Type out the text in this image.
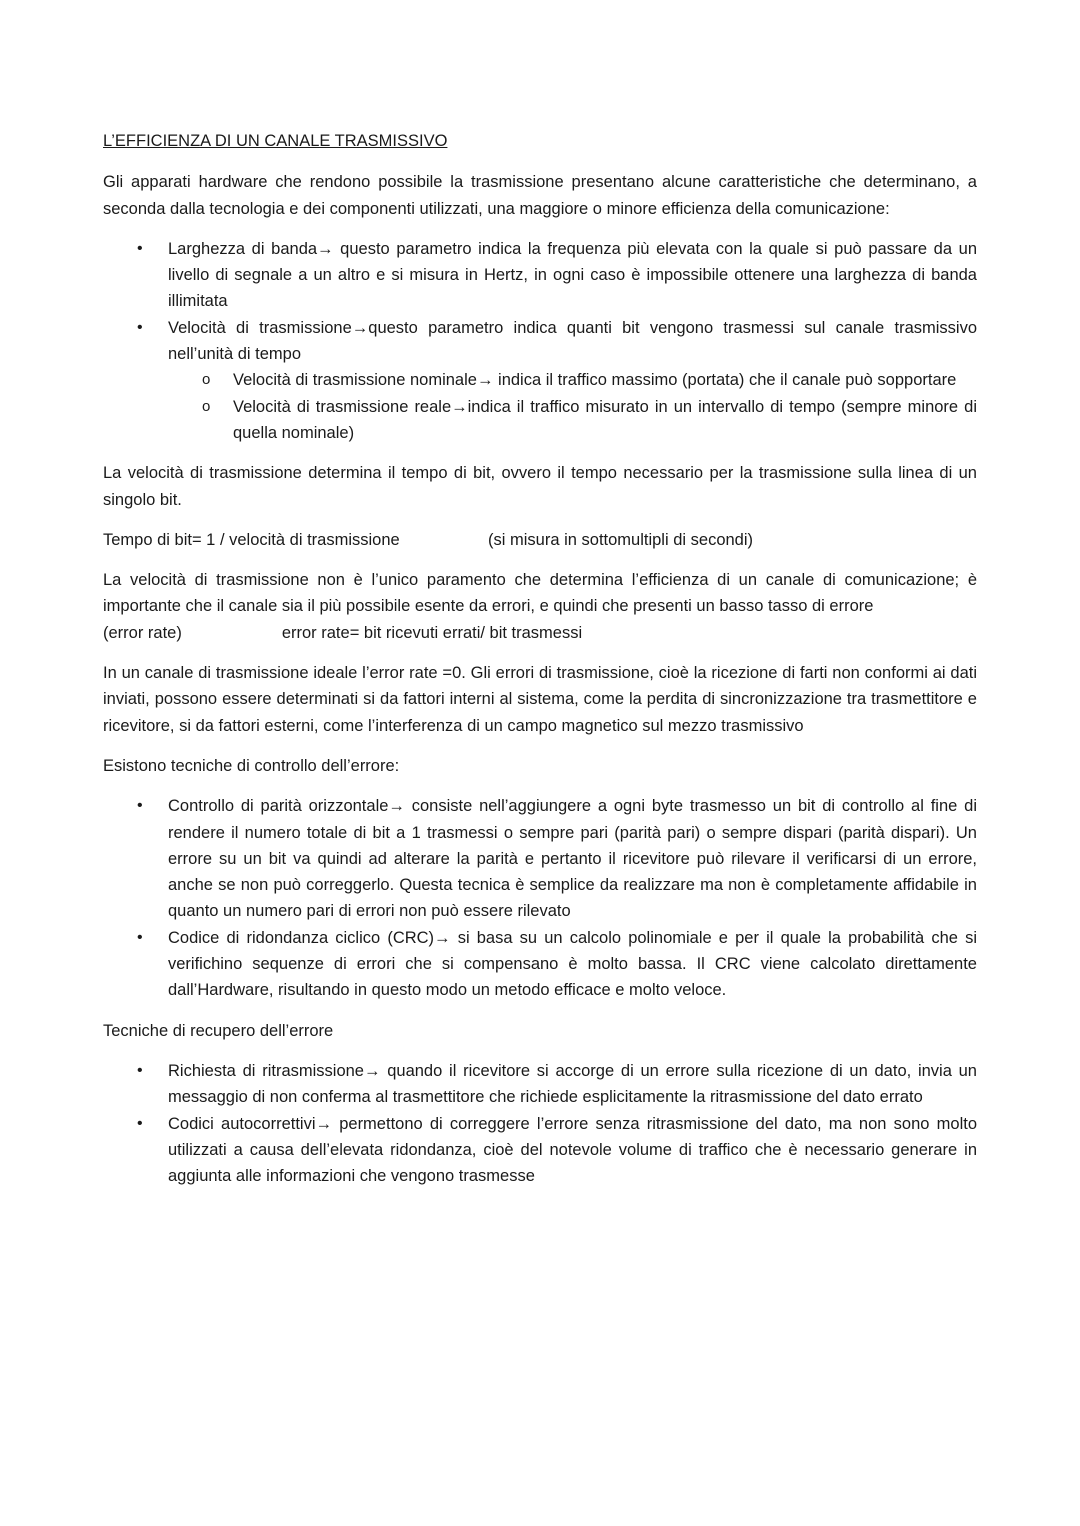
L’EFFICIENZA DI UN CANALE TRASMISSIVO

Gli apparati hardware che rendono possibile la trasmissione presentano alcune caratteristiche che determinano, a seconda dalla tecnologia e dei componenti utilizzati, una maggiore o minore efficienza della comunicazione:

• Larghezza di banda→ questo parametro indica la frequenza più elevata con la quale si può passare da un livello di segnale a un altro e si misura in Hertz, in ogni caso è impossibile ottenere una larghezza di banda illimitata
• Velocità di trasmissione→questo parametro indica quanti bit vengono trasmessi sul canale trasmissivo nell’unità di tempo
o Velocità di trasmissione nominale→ indica il traffico massimo (portata) che il canale può sopportare
o Velocità di trasmissione reale→indica il traffico misurato in un intervallo di tempo (sempre minore di quella nominale)

La velocità di trasmissione determina il tempo di bit, ovvero il tempo necessario per la trasmissione sulla linea di un singolo bit.

Tempo di bit= 1 / velocità di trasmissione	(si misura in sottomultipli di secondi)

La velocità di trasmissione non è l’unico paramento che determina l’efficienza di un canale di comunicazione; è importante che il canale sia il più possibile esente da errori, e quindi che presenti un basso tasso di errore
(error rate)	error rate= bit ricevuti errati/ bit trasmessi

In un canale di trasmissione ideale l’error rate =0. Gli errori di trasmissione, cioè la ricezione di farti non conformi ai dati inviati, possono essere determinati si da fattori interni al sistema, come la perdita di sincronizzazione tra trasmettitore e ricevitore, si da fattori esterni, come l’interferenza di un campo magnetico sul mezzo trasmissivo

Esistono tecniche di controllo dell’errore:

• Controllo di parità orizzontale→ consiste nell’aggiungere a ogni byte trasmesso un bit di controllo al fine di rendere il numero totale di bit a 1 trasmessi o sempre pari (parità pari) o sempre dispari (parità dispari). Un errore su un bit va quindi ad alterare la parità e pertanto il ricevitore può rilevare il verificarsi di un errore, anche se non può correggerlo. Questa tecnica è semplice da realizzare ma non è completamente affidabile in quanto un numero pari di errori non può essere rilevato
• Codice di ridondanza ciclico (CRC)→ si basa su un calcolo polinomiale e per il quale la probabilità che si verifichino sequenze di errori che si compensano è molto bassa. Il CRC viene calcolato direttamente dall’Hardware, risultando in questo modo un metodo efficace e molto veloce.

Tecniche di recupero dell’errore

• Richiesta di ritrasmissione→ quando il ricevitore si accorge di un errore sulla ricezione di un dato, invia un messaggio di non conferma al trasmettitore che richiede esplicitamente la ritrasmissione del dato errato
• Codici autocorrettivi→ permettono di correggere l’errore senza ritrasmissione del dato, ma non sono molto utilizzati a causa dell’elevata ridondanza, cioè del notevole volume di traffico che è necessario generare in aggiunta alle informazioni che vengono trasmesse
